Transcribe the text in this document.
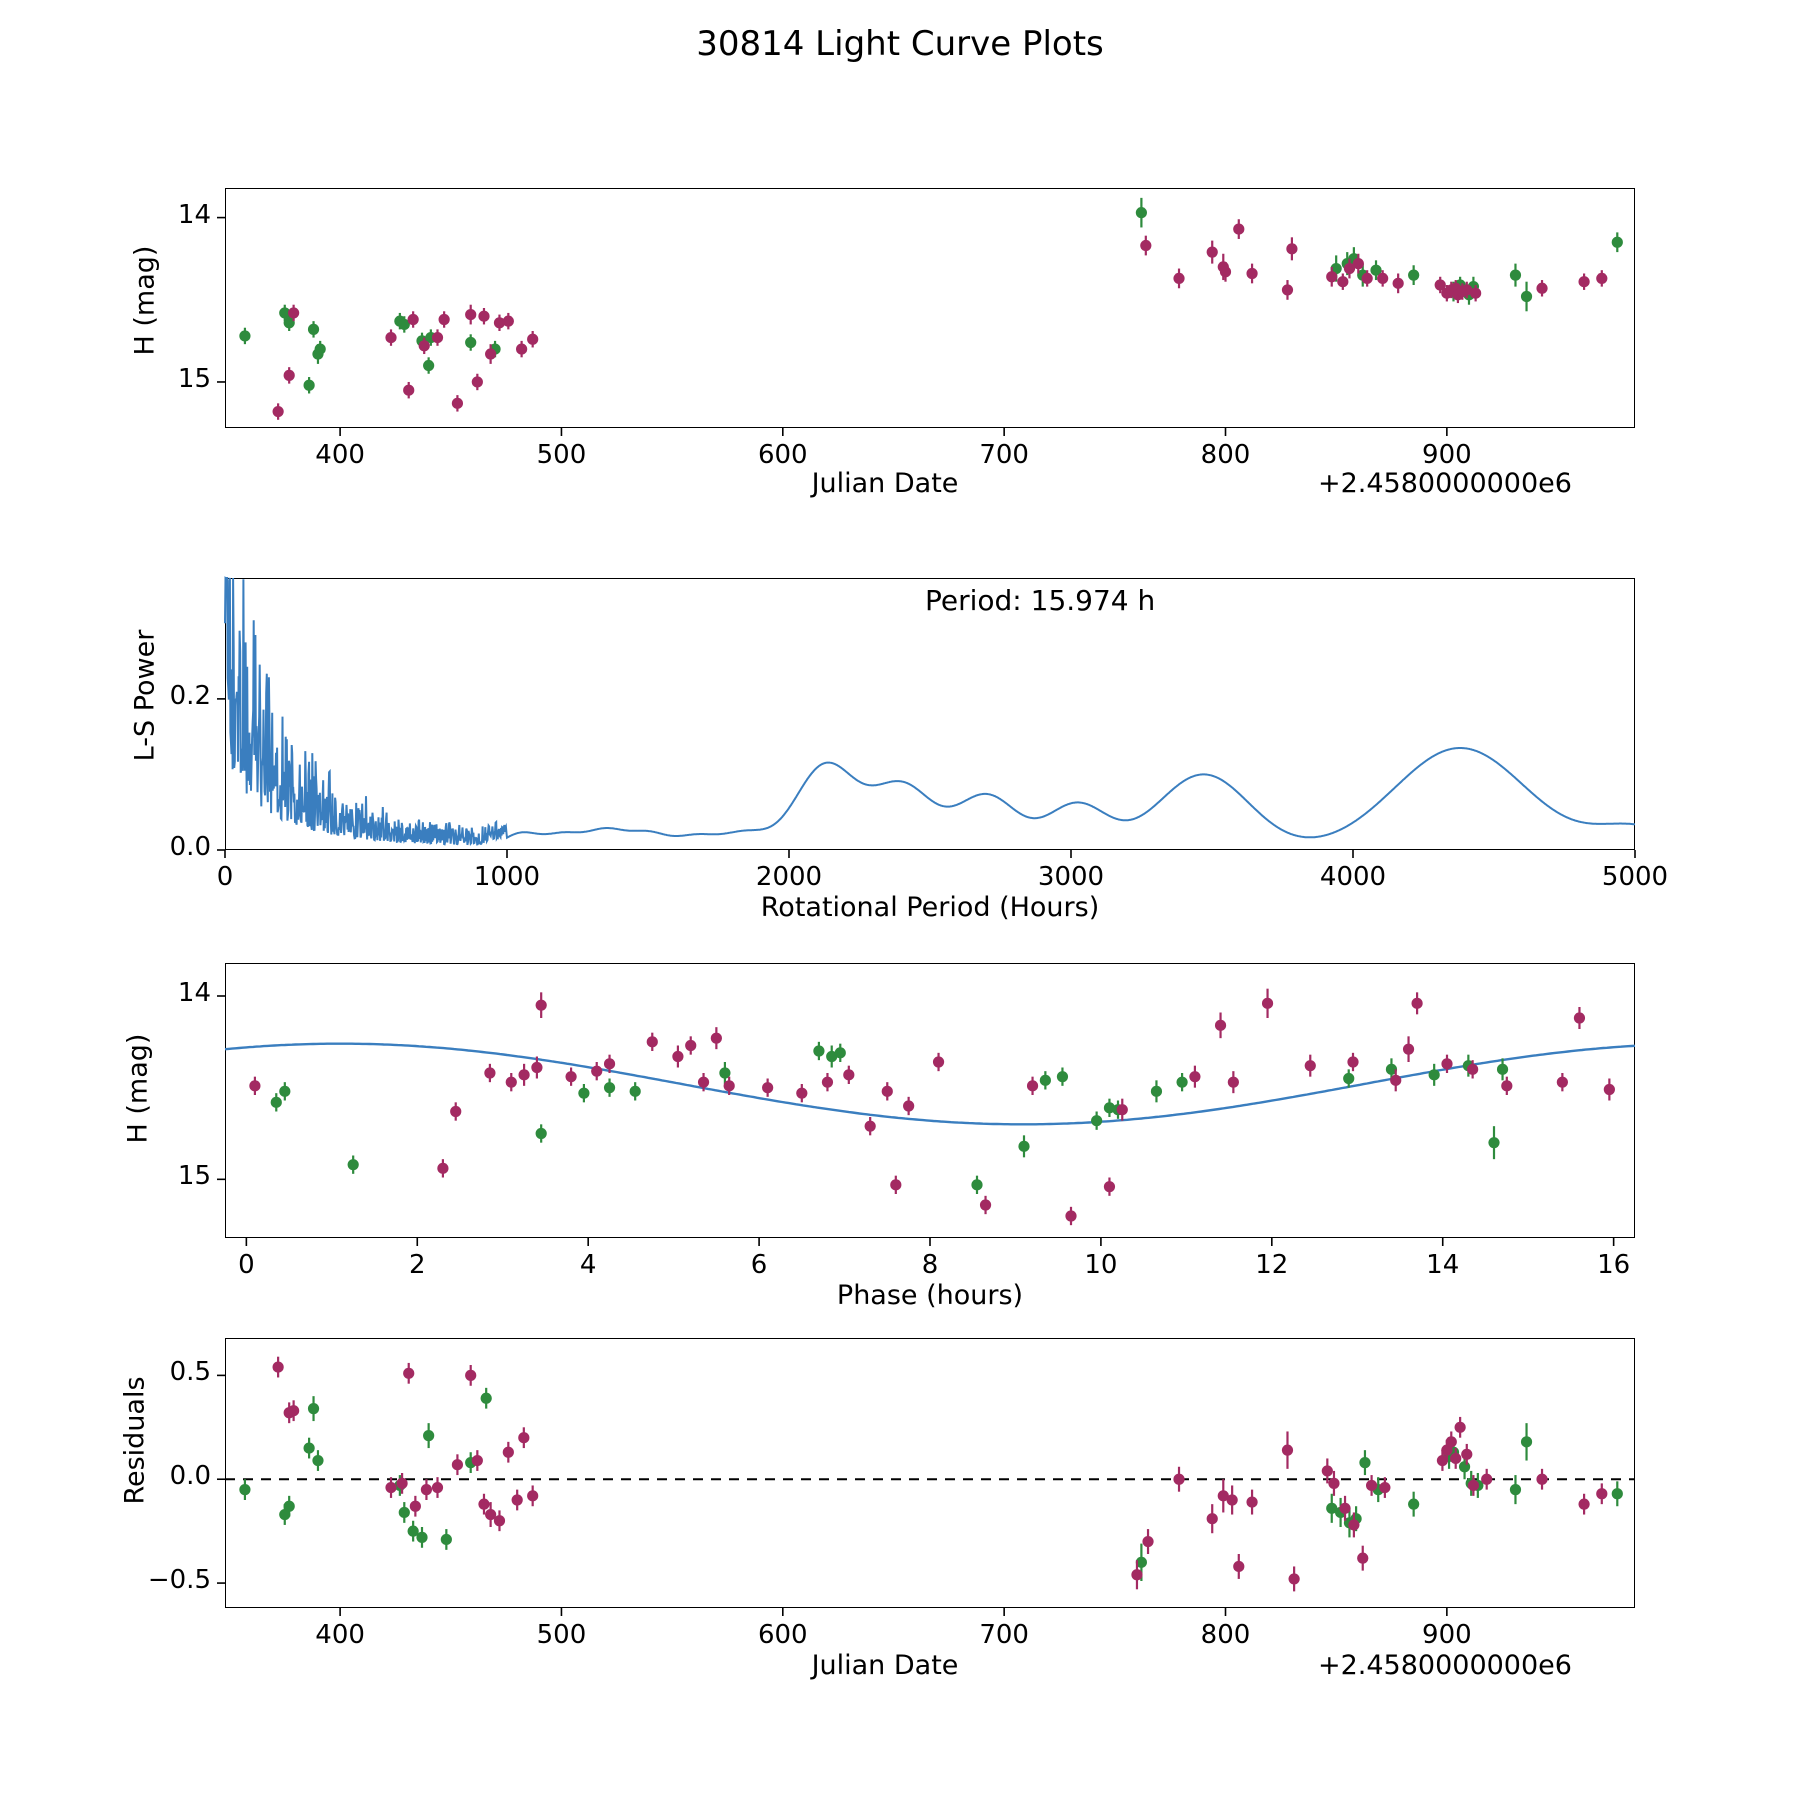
30814 Light Curve Plots
H (mag)
Julian Date	+2.4580000000e6
400	500	600	700	800	900
14
15
L-S Power
Rotational Period (Hours)
Period: 15.974 h
0	1000	2000	3000	4000	5000
0.0
0.2
H (mag)
Phase (hours)
0	2	4	6	8	10	12	14	16
14
15
Residuals
Julian Date	+2.4580000000e6
400	500	600	700	800	900
−0.5
0.0
0.5
